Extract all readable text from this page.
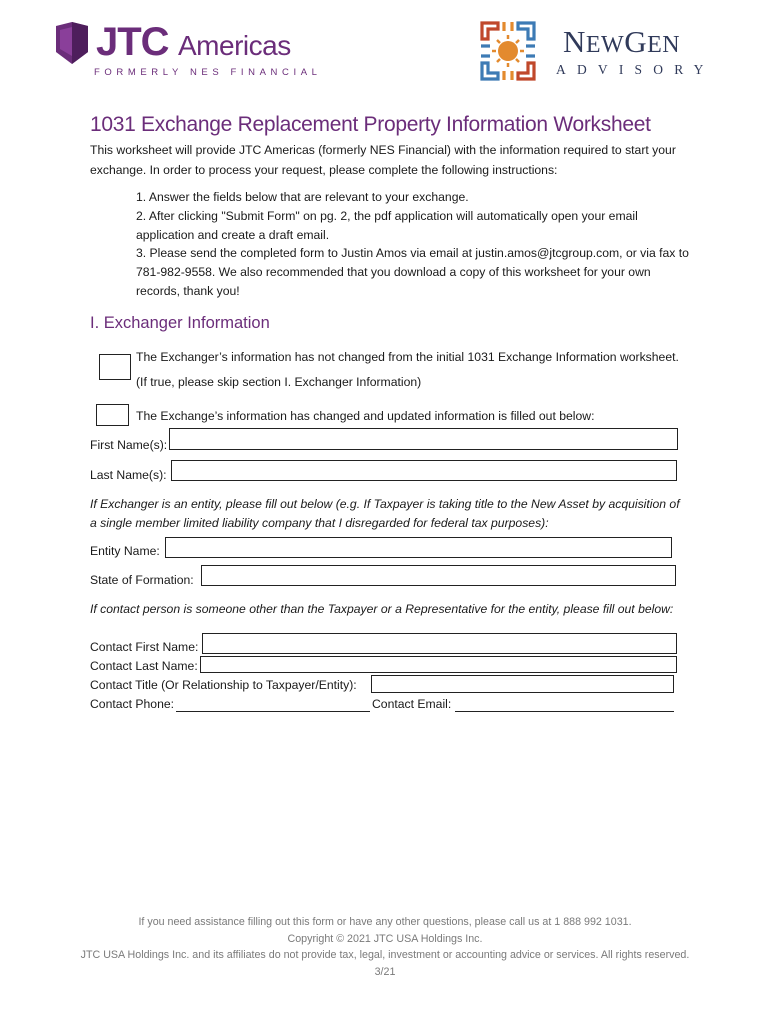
JTC Americas
FORMERLY NES FINANCIAL
NEWGEN
ADVISORY
1031 Exchange Replacement Property Information Worksheet
This worksheet will provide JTC Americas (formerly NES Financial) with the information required to start your exchange. In order to process your request, please complete the following instructions:

1. Answer the fields below that are relevant to your exchange.

2. After clicking "Submit Form" on pg. 2, the pdf application will automatically open your email application and create a draft email.

3. Please send the completed form to Justin Amos via email at justin.amos@jtcgroup.com, or via fax to 781-982-9558. We also recommended that you download a copy of this worksheet for your own records, thank you!

I. Exchanger Information
The Exchanger’s information has not changed from the initial 1031 Exchange Information worksheet. (If true, please skip section I. Exchanger Information)
The Exchange’s information has changed and updated information is filled out below:
First Name(s):
Last Name(s):
If Exchanger is an entity, please fill out below (e.g. If Taxpayer is taking title to the New Asset by acquisition of a single member limited liability company that I disregarded for federal tax purposes):
Entity Name:
State of Formation:
If contact person is someone other than the Taxpayer or a Representative for the entity, please fill out below:
Contact First Name:
Contact Last Name:
Contact Title (Or Relationship to Taxpayer/Entity):
Contact Phone:	Contact Email:

If you need assistance filling out this form or have any other questions, please call us at 1 888 992 1031.

Copyright © 2021 JTC USA Holdings Inc.

JTC USA Holdings Inc. and its affiliates do not provide tax, legal, investment or accounting advice or services. All rights reserved. 3/21
